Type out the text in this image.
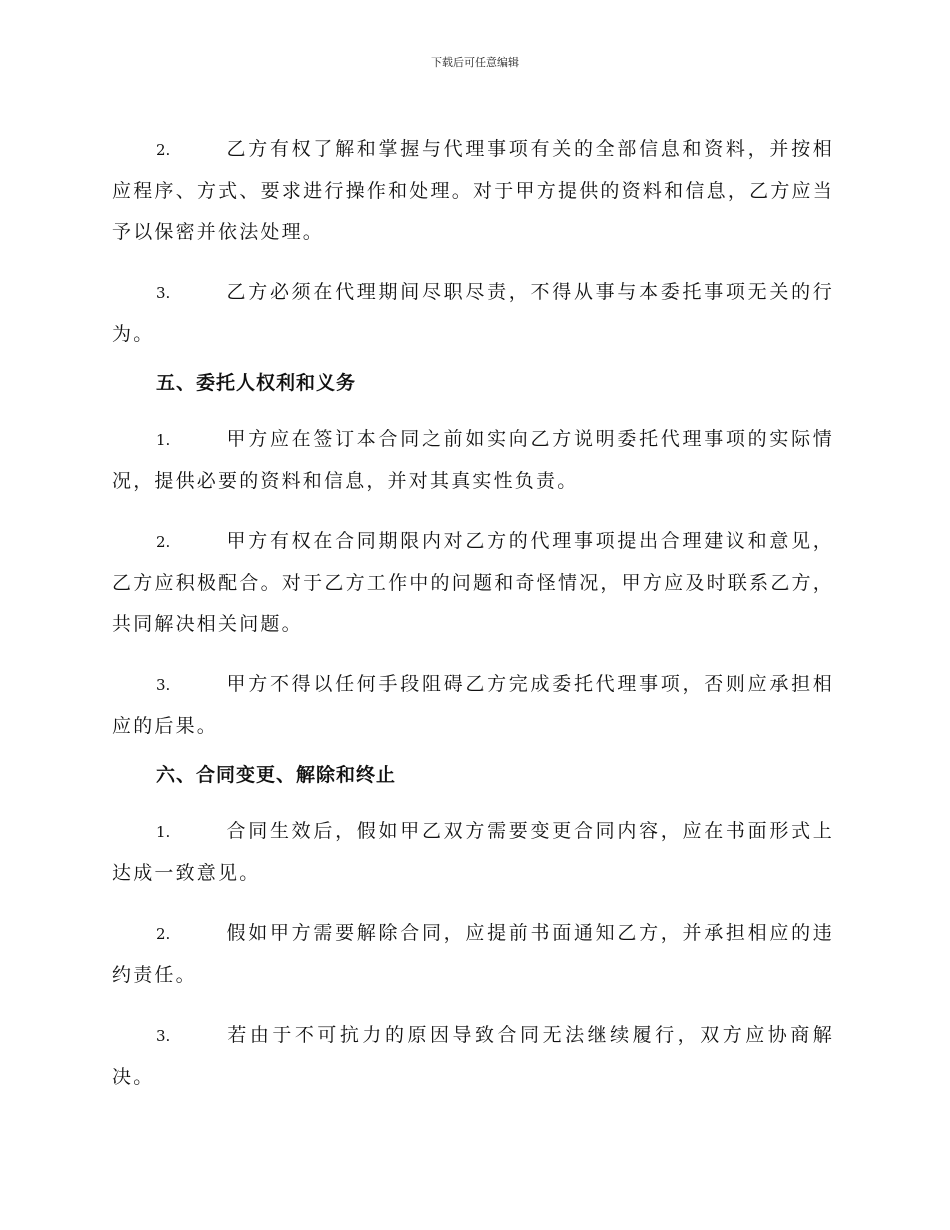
下载后可任意编辑

2.	乙方有权了解和掌握与代理事项有关的全部信息和资料，并按相应程序、方式、要求进行操作和处理。对于甲方提供的资料和信息，乙方应当予以保密并依法处理。

3.	乙方必须在代理期间尽职尽责，不得从事与本委托事项无关的行为。

五、委托人权利和义务

1.	甲方应在签订本合同之前如实向乙方说明委托代理事项的实际情况，提供必要的资料和信息，并对其真实性负责。

2.	甲方有权在合同期限内对乙方的代理事项提出合理建议和意见，乙方应积极配合。对于乙方工作中的问题和奇怪情况，甲方应及时联系乙方，共同解决相关问题。

3.	甲方不得以任何手段阻碍乙方完成委托代理事项，否则应承担相应的后果。

六、合同变更、解除和终止

1.	合同生效后，假如甲乙双方需要变更合同内容，应在书面形式上达成一致意见。

2.	假如甲方需要解除合同，应提前书面通知乙方，并承担相应的违约责任。

3.	若由于不可抗力的原因导致合同无法继续履行，双方应协商解决。
